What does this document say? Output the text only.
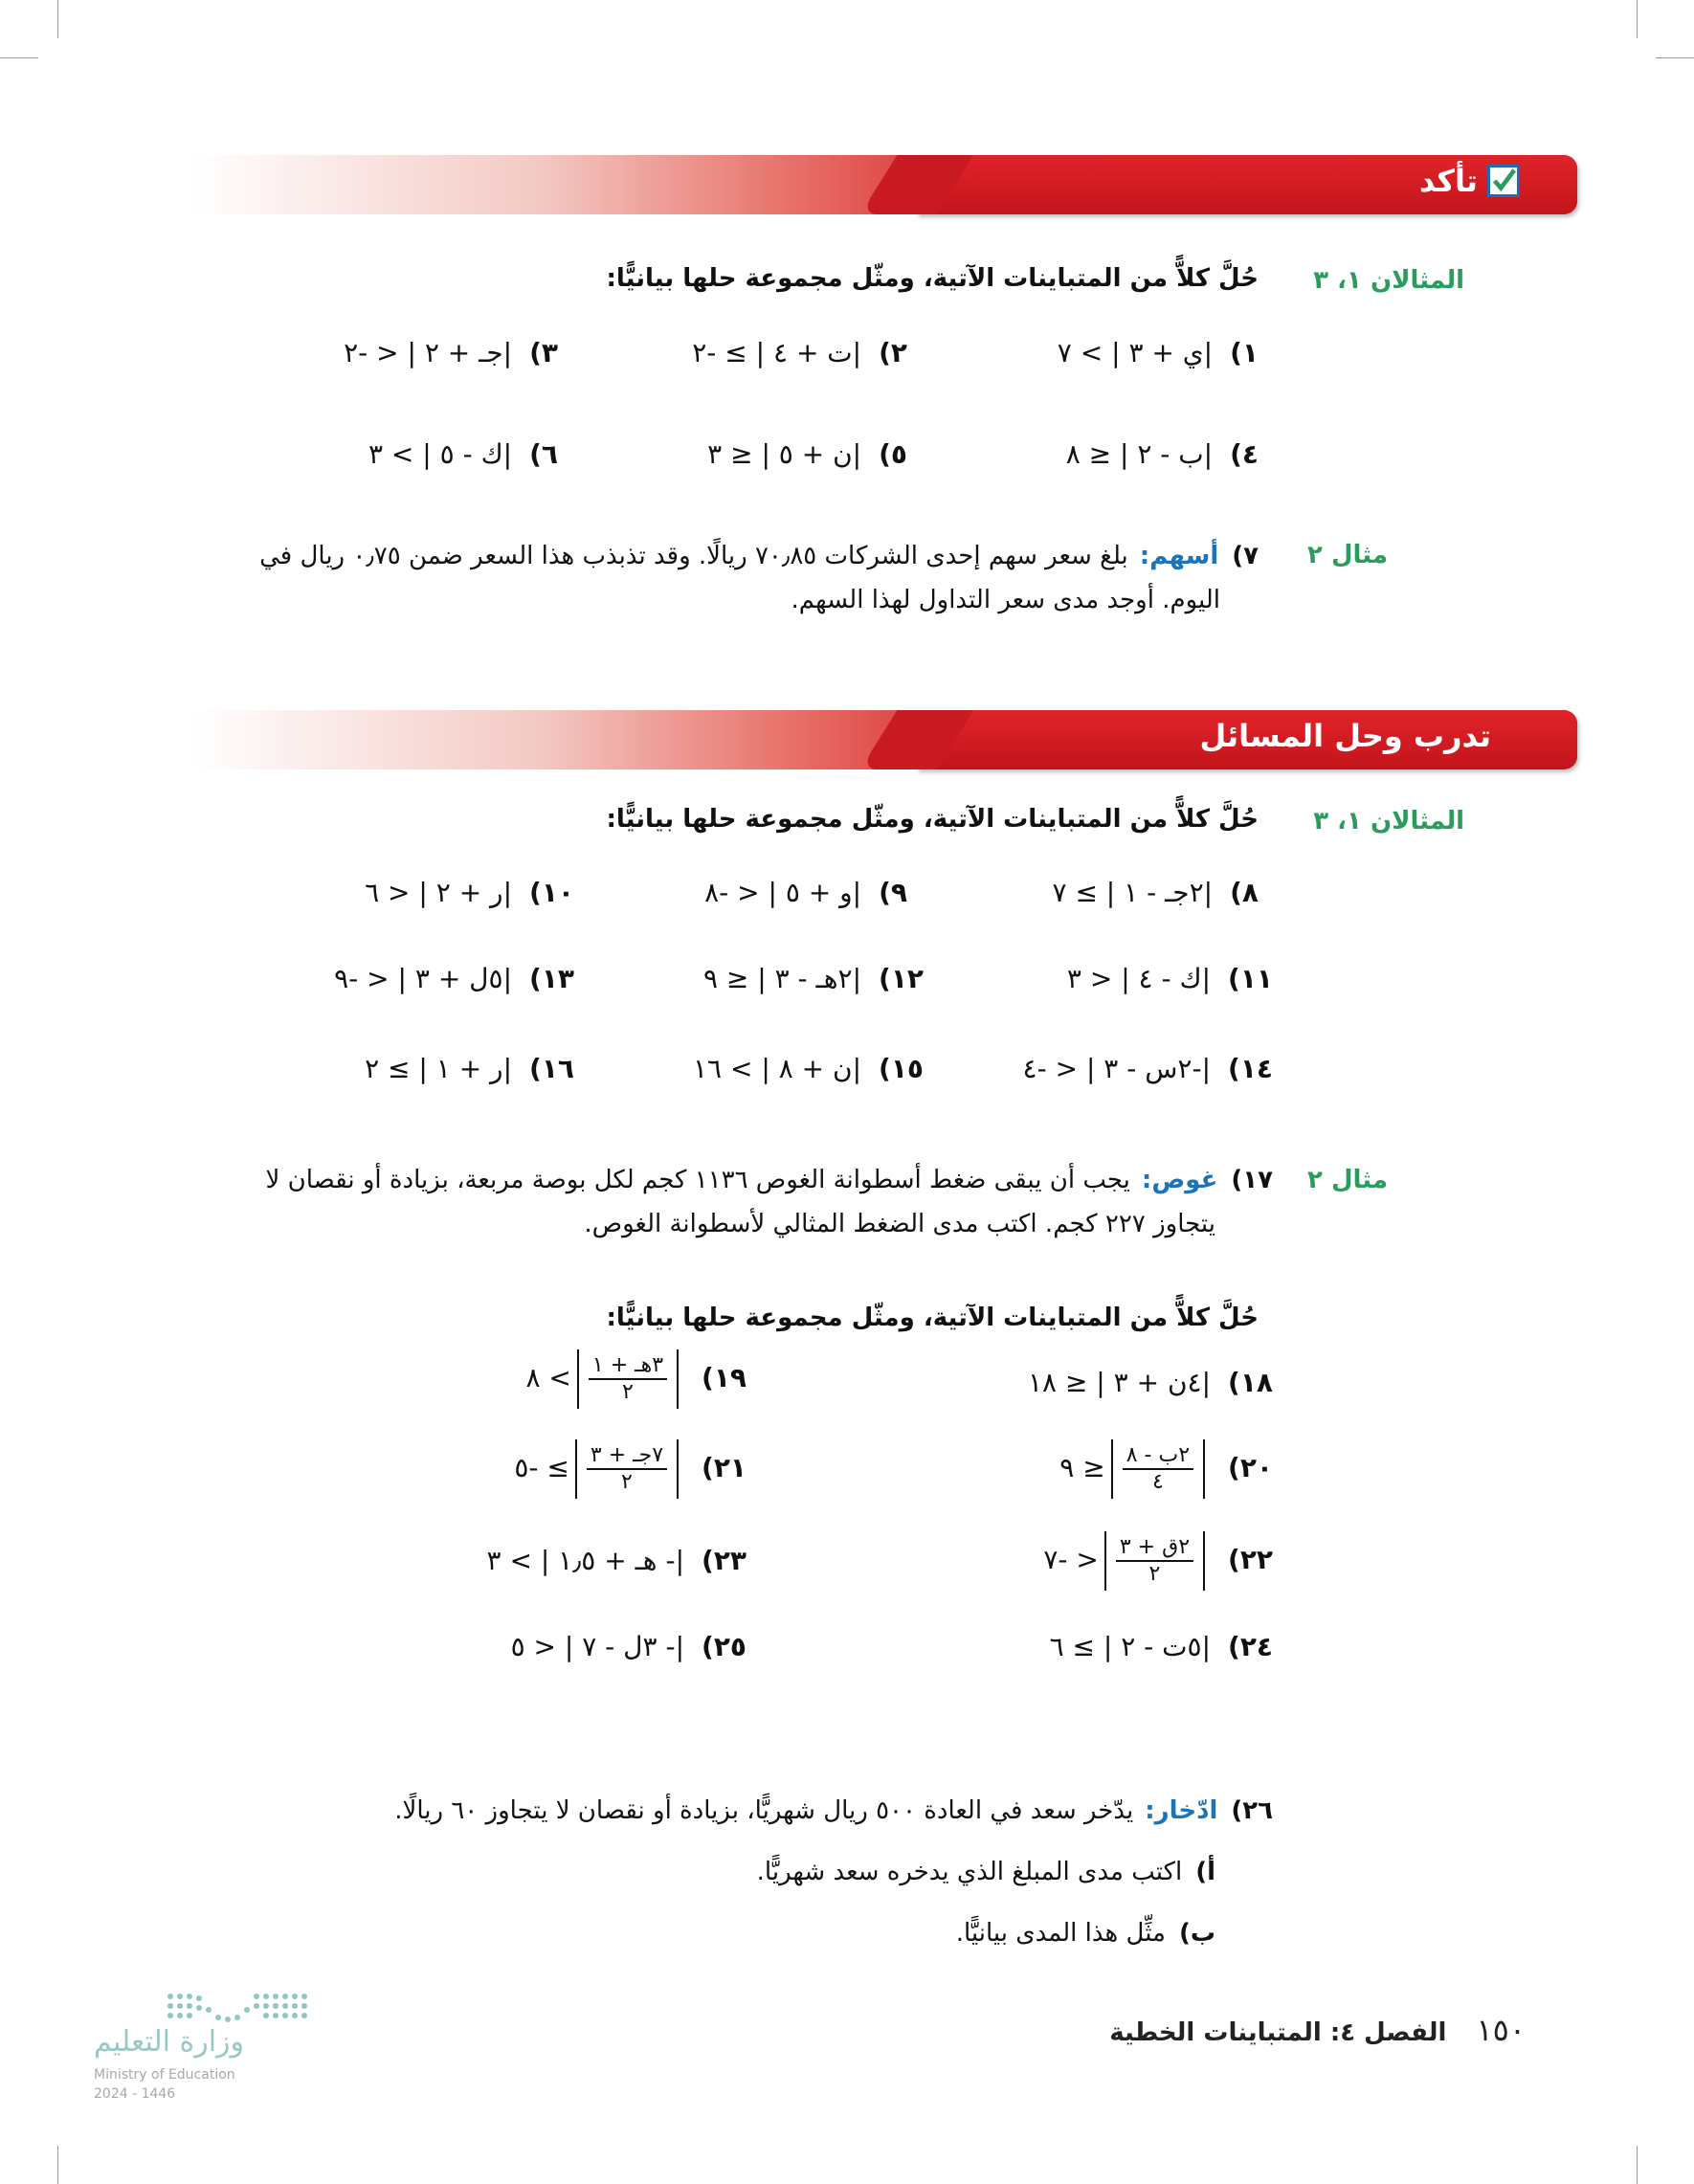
تأكد
المثالان ١، ٣
حُلَّ كلاًّ من المتباينات الآتية، ومثّل مجموعة حلها بيانيًّا:
١)|ي + ٣ | > ٧
٢)|ت + ٤ | ≥ -٢
٣)|جـ + ٢ | < -٢
٤)|ب - ٢ | ≤ ٨
٥)|ن + ٥ | ≤ ٣
٦)|ك - ٥ | > ٣
مثال ٢
٧)أسهم:بلغ سعر سهم إحدى الشركات ٧٠٫٨٥ ريالًا. وقد تذبذب هذا السعر ضمن ٠٫٧٥ ريال في
اليوم. أوجد مدى سعر التداول لهذا السهم.
تدرب وحل المسائل
المثالان ١، ٣
حُلَّ كلاًّ من المتباينات الآتية، ومثّل مجموعة حلها بيانيًّا:
٨)|٢جـ - ١ | ≥ ٧
٩)|و + ٥ | < -٨
١٠)|ر + ٢ | < ٦
١١)|ك - ٤ | < ٣
١٢)|٢هـ - ٣ | ≤ ٩
١٣)|٥ل + ٣ | < -٩
١٤)|-٢س - ٣ | < -٤
١٥)|ن + ٨ | > ١٦
١٦)|ر + ١ | ≥ ٢
مثال ٢
١٧)غوص:يجب أن يبقى ضغط أسطوانة الغوص ١١٣٦ كجم لكل بوصة مربعة، بزيادة أو نقصان لا
يتجاوز ٢٢٧ كجم. اكتب مدى الضغط المثالي لأسطوانة الغوص.
حُلَّ كلاًّ من المتباينات الآتية، ومثّل مجموعة حلها بيانيًّا:
١٨)|٤ن + ٣ | ≤ ١٨
١٩)
$\frac{\text{٣هـ + ١}}{٢}$
> ٨
٢٠)
$\frac{\text{٢ب - ٨}}{٤}$
≤ ٩
٢١)
$\frac{\text{٧جـ + ٣}}{٢}$
≥ -٥
٢٢)
$\frac{\text{٢ق + ٣}}{٢}$
< -٧
٢٣)|- هـ + ١٫٥ | > ٣
٢٤)|٥ت - ٢ | ≥ ٦
٢٥)|- ٣ل - ٧ | < ٥
٢٦)ادّخار:يدّخر سعد في العادة ٥٠٠ ريال شهريًّا، بزيادة أو نقصان لا يتجاوز ٦٠ ريالًا.
أ)اكتب مدى المبلغ الذي يدخره سعد شهريًّا.
ب)مثِّل هذا المدى بيانيًّا.
١٥٠ الفصل ٤: المتباينات الخطية
وزارة التعليم
Ministry of Education
2024 - 1446
